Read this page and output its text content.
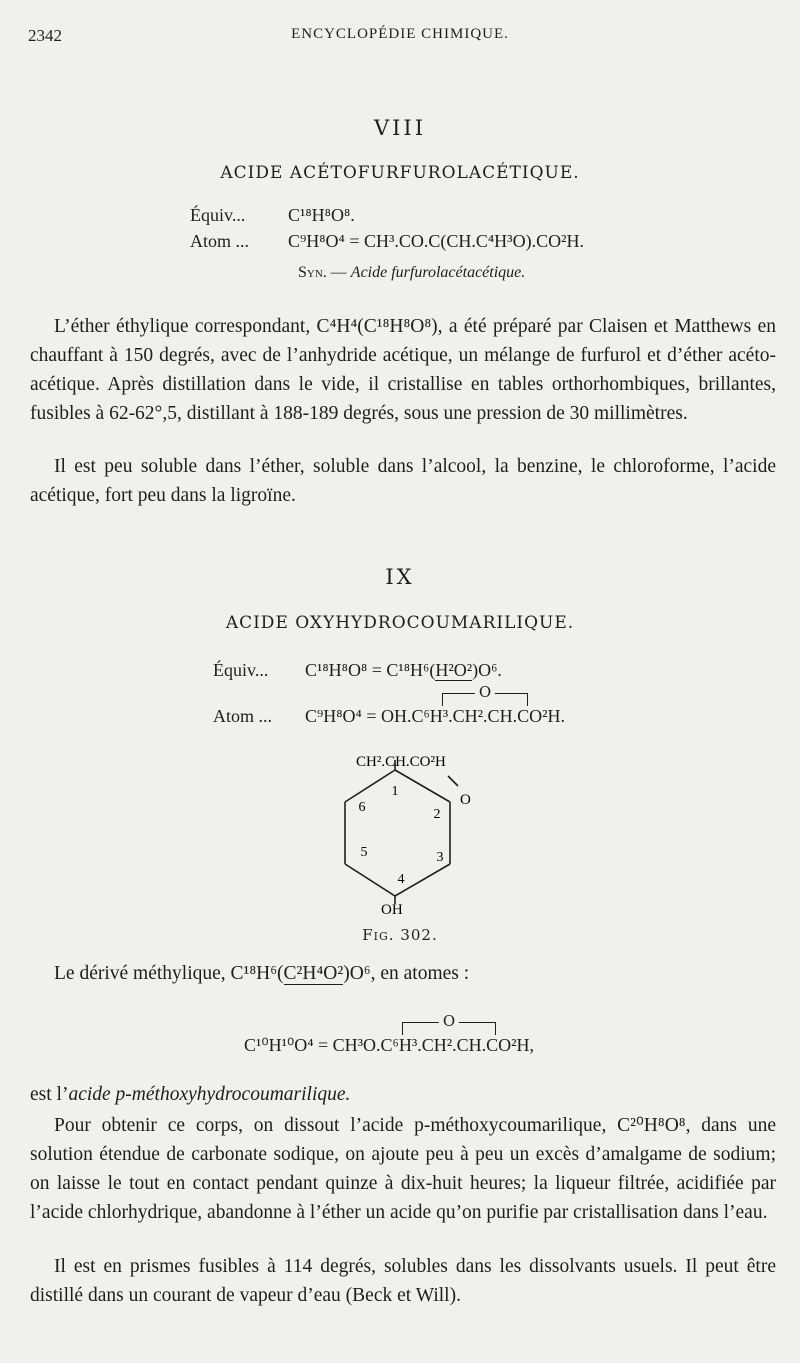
2342	ENCYCLOPÉDIE CHIMIQUE.
VIII
ACIDE ACÉTOFURFUROLACÉTIQUE.
Équiv... C¹⁸H⁸O⁸.
Atom ... C⁹H⁸O⁴ = CH³.CO.C(CH.C⁴H³O).CO²H.
Syn. — Acide furfurolacétacétique.
L’éther éthylique correspondant, C⁴H⁴(C¹⁸H⁸O⁸), a été préparé par Claisen et Matthews en chauffant à 150 degrés, avec de l’anhydride acétique, un mélange de furfurol et d’éther acéto-acétique. Après distillation dans le vide, il cristallise en tables orthorhombiques, brillantes, fusibles à 62-62°,5, distillant à 188-189 degrés, sous une pression de 30 millimètres.
Il est peu soluble dans l’éther, soluble dans l’alcool, la benzine, le chloroforme, l’acide acétique, fort peu dans la ligroïne.
IX
ACIDE OXYHYDROCOUMARILIQUE.
Équiv... C¹⁸H⁸O⁸ = C¹⁸H⁶(H²O²)O⁶.
O
Atom ... C⁹H⁸O⁴ = OH.C⁶H³.CH².CH.CO²H.
CH².CH.CO²H
O
1
2
3
4
5
6
OH
Fig. 302.
Le dérivé méthylique, C¹⁸H⁶(C²H⁴O²)O⁶, en atomes :
O
C¹⁰H¹⁰O⁴ = CH³O.C⁶H³.CH².CH.CO²H,
est l’acide p-méthoxyhydrocoumarilique.
Pour obtenir ce corps, on dissout l’acide p-méthoxycoumarilique, C²⁰H⁸O⁸, dans une solution étendue de carbonate sodique, on ajoute peu à peu un excès d’amalgame de sodium; on laisse le tout en contact pendant quinze à dix-huit heures; la liqueur filtrée, acidifiée par l’acide chlorhydrique, abandonne à l’éther un acide qu’on purifie par cristallisation dans l’eau.
Il est en prismes fusibles à 114 degrés, solubles dans les dissolvants usuels. Il peut être distillé dans un courant de vapeur d’eau (Beck et Will).
